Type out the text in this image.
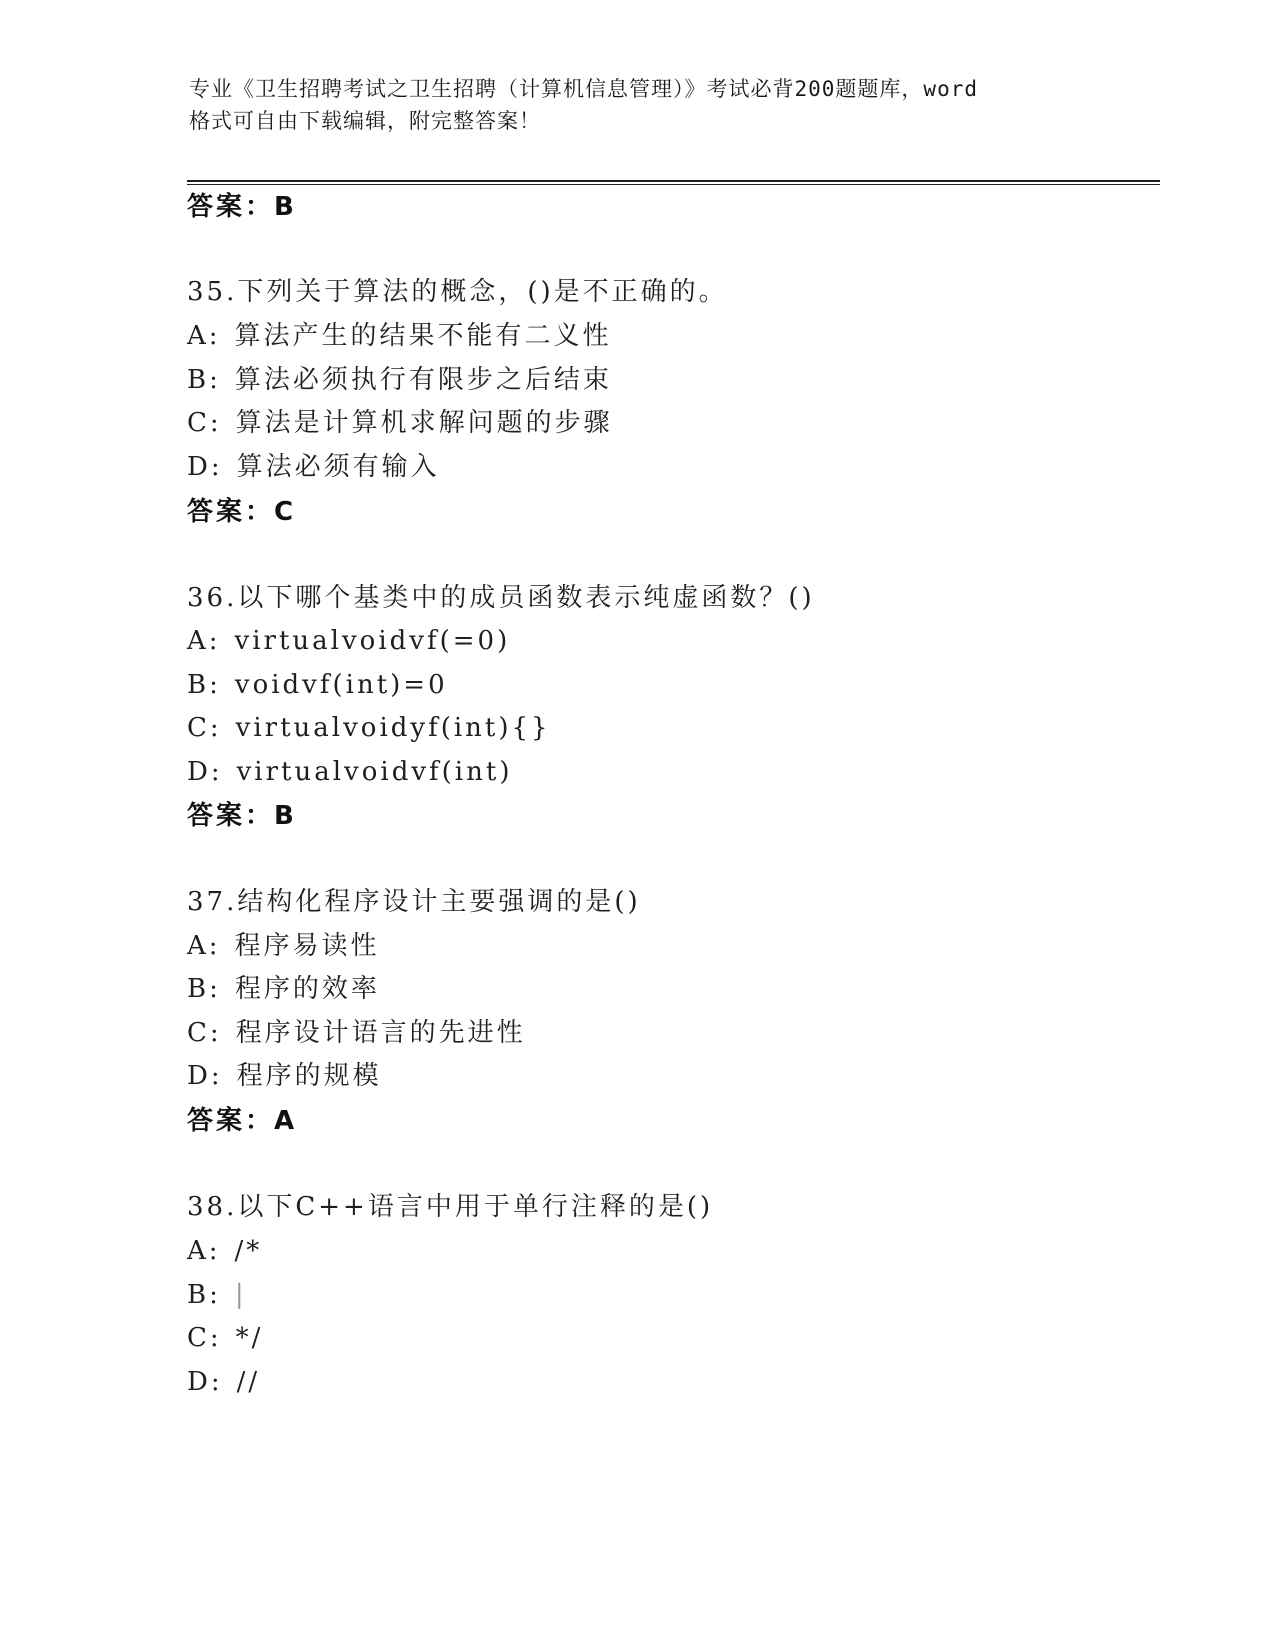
专业《卫生招聘考试之卫生招聘（计算机信息管理）》考试必背200题题库，word
格式可自由下载编辑，附完整答案！
答案：B
35.下列关于算法的概念，()是不正确的。
A: 算法产生的结果不能有二义性
B: 算法必须执行有限步之后结束
C: 算法是计算机求解问题的步骤
D: 算法必须有输入
答案：C
36.以下哪个基类中的成员函数表示纯虚函数？()
A: virtualvoidvf(=0)
B: voidvf(int)=0
C: virtualvoidyf(int){}
D: virtualvoidvf(int)
答案：B
37.结构化程序设计主要强调的是()
A: 程序易读性
B: 程序的效率
C: 程序设计语言的先进性
D: 程序的规模
答案：A
38.以下C++语言中用于单行注释的是()
A: /*
B: |
C: */
D: //
